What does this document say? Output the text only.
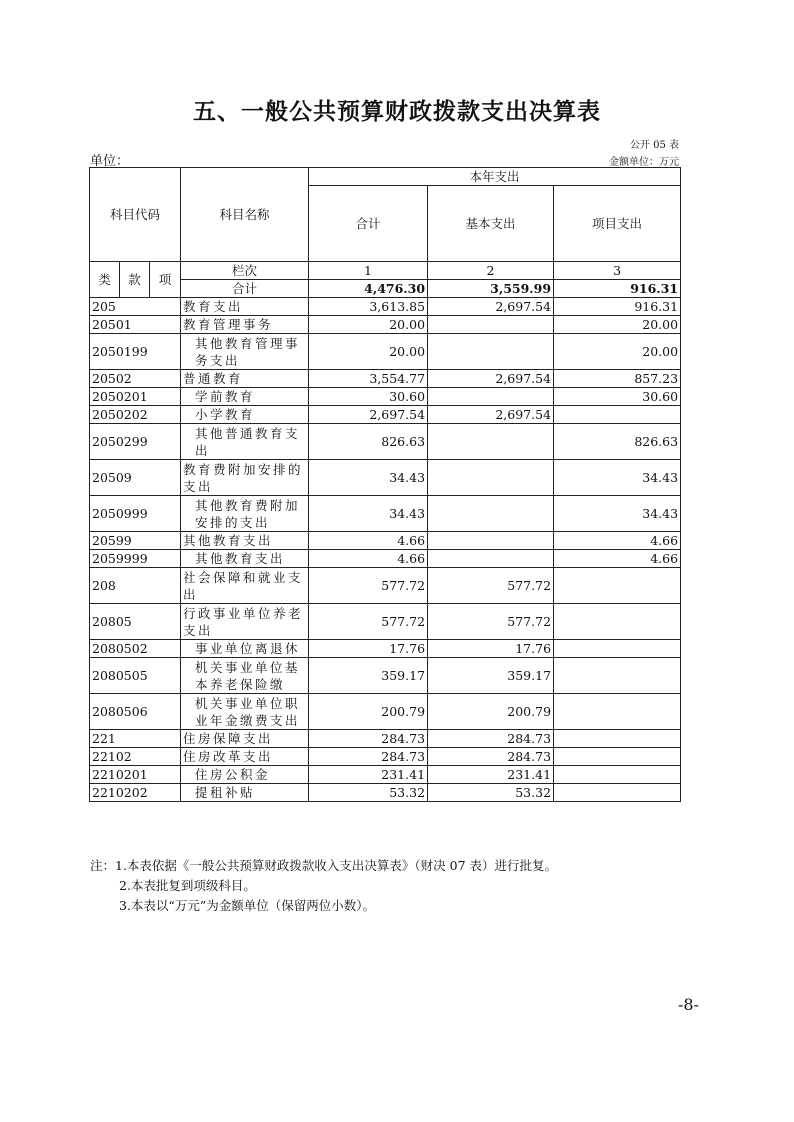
五、一般公共预算财政拨款支出决算表
公开 05 表
单位：	金额单位：万元
科目代码			科目名称	本年支出		
				合计	基本支出	项目支出
类	款	项	栏次	1	2	3
			合计	4,476.30	3,559.99	916.31
205			教育支出	3,613.85	2,697.54	916.31
20501			教育管理事务	20.00		20.00
2050199			其他教育管理事务支出	20.00		20.00
20502			普通教育	3,554.77	2,697.54	857.23
2050201			学前教育	30.60		30.60
2050202			小学教育	2,697.54	2,697.54	
2050299			其他普通教育支出	826.63		826.63
20509			教育费附加安排的支出	34.43		34.43
2050999			其他教育费附加安排的支出	34.43		34.43
20599			其他教育支出	4.66		4.66
2059999			其他教育支出	4.66		4.66
208			社会保障和就业支出	577.72	577.72	
20805			行政事业单位养老支出	577.72	577.72	
2080502			事业单位离退休	17.76	17.76	
2080505			机关事业单位基本养老保险缴	359.17	359.17	
2080506			机关事业单位职业年金缴费支出	200.79	200.79	
221			住房保障支出	284.73	284.73	
22102			住房改革支出	284.73	284.73	
2210201			住房公积金	231.41	231.41	
2210202			提租补贴	53.32	53.32	
注：1.本表依据《一般公共预算财政拨款收入支出决算表》（财决 07 表）进行批复。
2.本表批复到项级科目。
3.本表以“万元”为金额单位（保留两位小数）。
-8-
